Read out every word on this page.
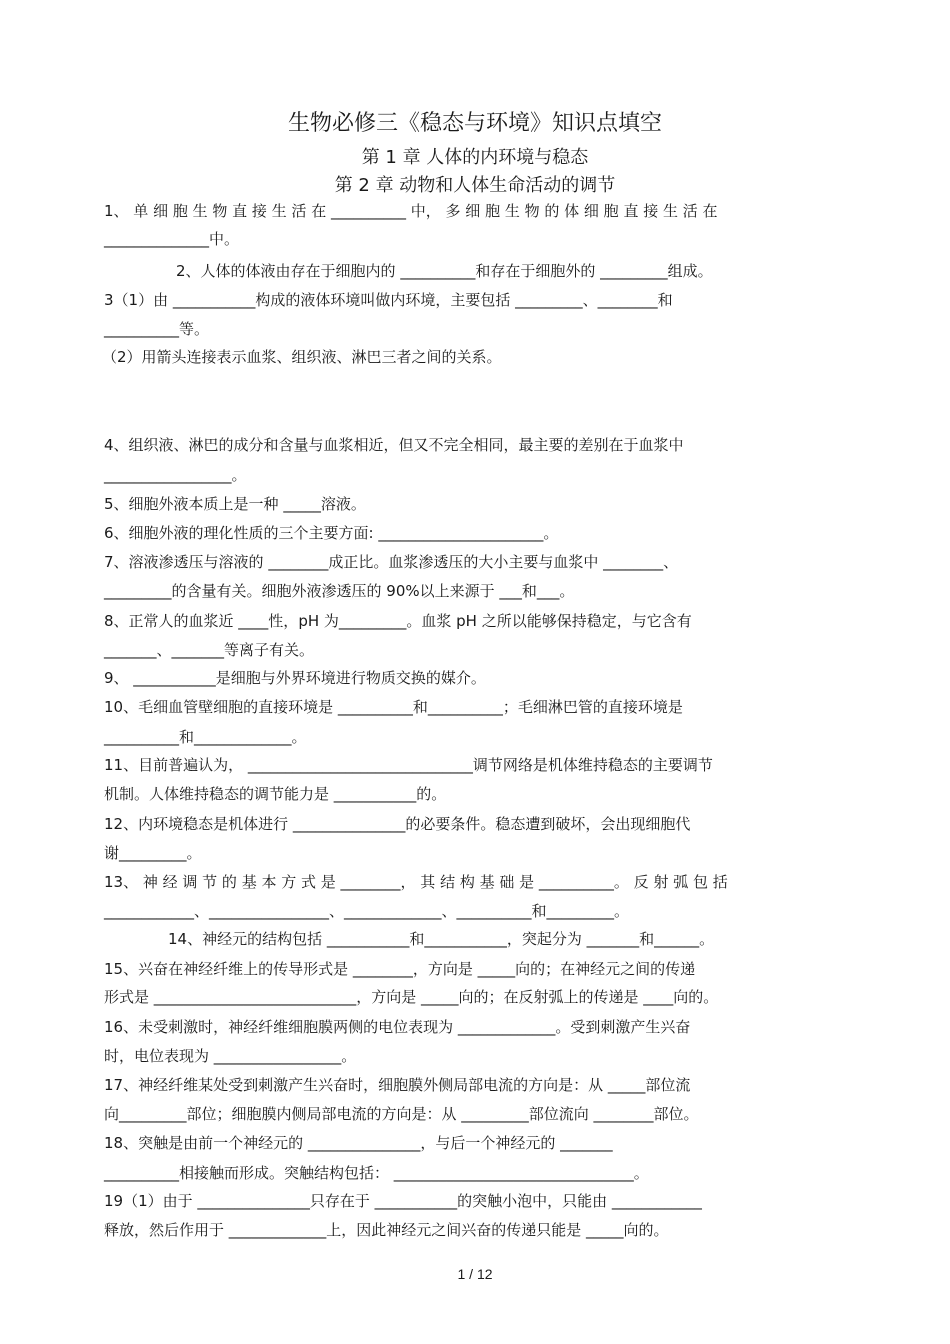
生物必修三《稳态与环境》知识点填空
第 1 章 人体的内环境与稳态
第 2 章 动物和人体生命活动的调节
1、 单 细 胞 生 物 直 接 生 活 在 __________ 中， 多 细 胞 生 物 的 体 细 胞 直 接 生 活 在
______________中。
2、人体的体液由存在于细胞内的 __________和存在于细胞外的 _________组成。
3（1）由 ___________构成的液体环境叫做内环境，主要包括 _________、________和
__________等。
（2）用箭头连接表示血浆、组织液、淋巴三者之间的关系。
4、组织液、淋巴的成分和含量与血浆相近，但又不完全相同，最主要的差别在于血浆中
_________________。
5、细胞外液本质上是一种 _____溶液。
6、细胞外液的理化性质的三个主要方面: ______________________。
7、溶液渗透压与溶液的 ________成正比。血浆渗透压的大小主要与血浆中 ________、
_________的含量有关。细胞外液渗透压的 90%以上来源于 ___和___。
8、正常人的血浆近 ____性，pH 为_________。血浆 pH 之所以能够保持稳定，与它含有
_______、_______等离子有关。
9、 ___________是细胞与外界环境进行物质交换的媒介。
10、毛细血管壁细胞的直接环境是 __________和__________；毛细淋巴管的直接环境是
__________和_____________。
11、目前普遍认为， ______________________________调节网络是机体维持稳态的主要调节
机制。人体维持稳态的调节能力是 ___________的。
12、内环境稳态是机体进行 _______________的必要条件。稳态遭到破坏，会出现细胞代
谢_________。
13、 神 经 调 节 的 基 本 方 式 是 ________， 其 结 构 基 础 是 __________。 反 射 弧 包 括
____________、________________、_____________、__________和_________。
14、神经元的结构包括 ___________和___________，突起分为 _______和______。
15、兴奋在神经纤维上的传导形式是 ________，方向是 _____向的；在神经元之间的传递
形式是 ___________________________，方向是 _____向的；在反射弧上的传递是 ____向的。
16、未受刺激时，神经纤维细胞膜两侧的电位表现为 _____________。受到刺激产生兴奋
时，电位表现为 _________________。
17、神经纤维某处受到刺激产生兴奋时，细胞膜外侧局部电流的方向是：从 _____部位流
向_________部位；细胞膜内侧局部电流的方向是：从 _________部位流向 ________部位。
18、突触是由前一个神经元的 _______________，与后一个神经元的 _______
__________相接触而形成。突触结构包括： ________________________________。
19（1）由于 _______________只存在于 ___________的突触小泡中，只能由 ____________
释放，然后作用于 _____________上，因此神经元之间兴奋的传递只能是 _____向的。
1 / 12
